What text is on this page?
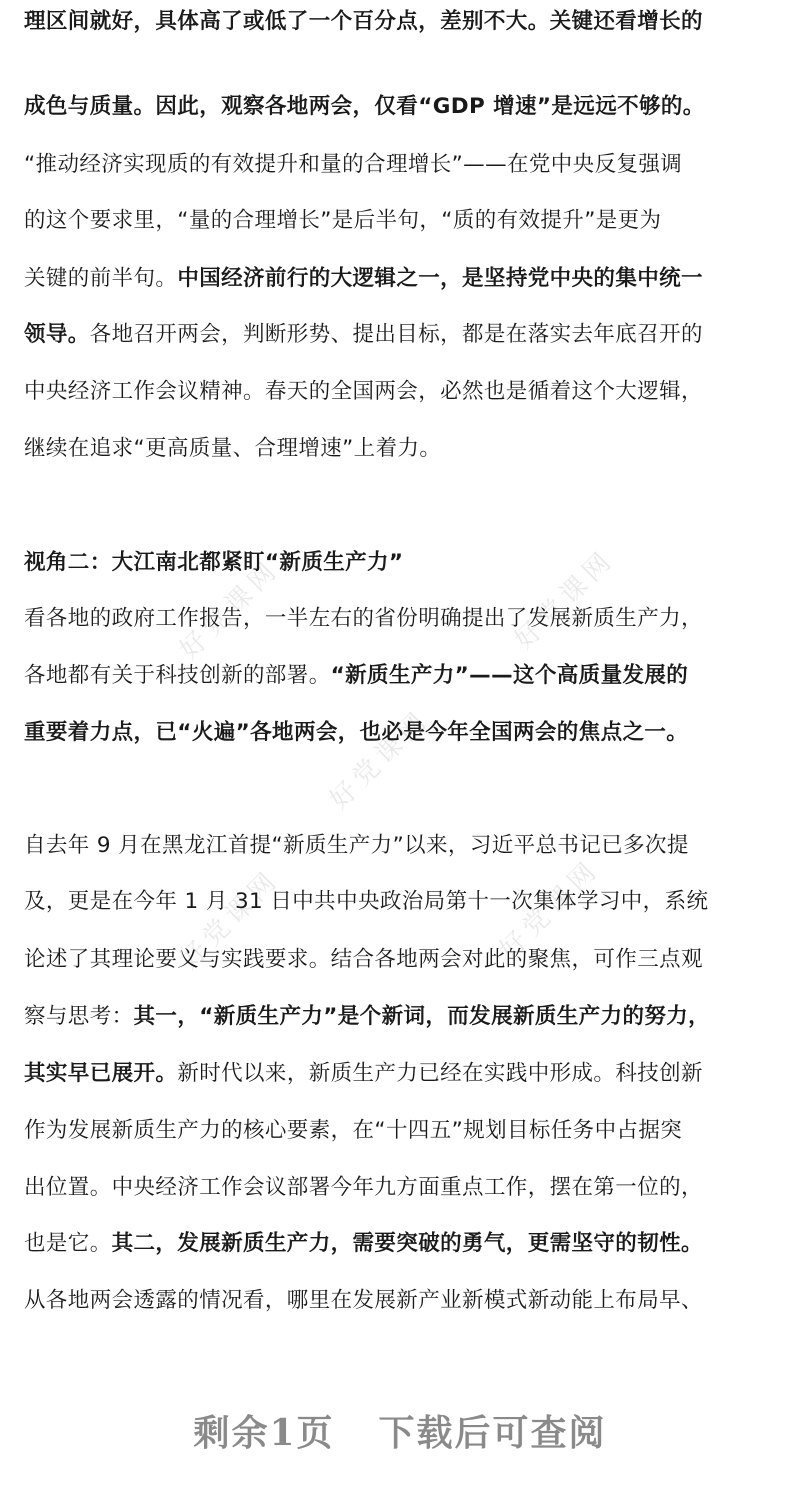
好党课网	好党课网
好党课网
好党课网	好党课网
理区间就好，具体高了或低了一个百分点，差别不大。关键还看增长的
成色与质量。因此，观察各地两会，仅看“GDP 增速”是远远不够的。
“推动经济实现质的有效提升和量的合理增长”——在党中央反复强调
的这个要求里，“量的合理增长”是后半句，“质的有效提升”是更为
关键的前半句。中国经济前行的大逻辑之一，是坚持党中央的集中统一
领导。各地召开两会，判断形势、提出目标，都是在落实去年底召开的
中央经济工作会议精神。春天的全国两会，必然也是循着这个大逻辑，
继续在追求“更高质量、合理增速”上着力。
视角二：大江南北都紧盯“新质生产力”
看各地的政府工作报告，一半左右的省份明确提出了发展新质生产力，
各地都有关于科技创新的部署。“新质生产力”——这个高质量发展的
重要着力点，已“火遍”各地两会，也必是今年全国两会的焦点之一。
自去年 9 月在黑龙江首提“新质生产力”以来，习近平总书记已多次提
及，更是在今年 1 月 31 日中共中央政治局第十一次集体学习中，系统
论述了其理论要义与实践要求。结合各地两会对此的聚焦，可作三点观
察与思考：其一，“新质生产力”是个新词，而发展新质生产力的努力，
其实早已展开。新时代以来，新质生产力已经在实践中形成。科技创新
作为发展新质生产力的核心要素，在“十四五”规划目标任务中占据突
出位置。中央经济工作会议部署今年九方面重点工作，摆在第一位的，
也是它。其二，发展新质生产力，需要突破的勇气，更需坚守的韧性。
从各地两会透露的情况看，哪里在发展新产业新模式新动能上布局早、
剩余1页 下载后可查阅
